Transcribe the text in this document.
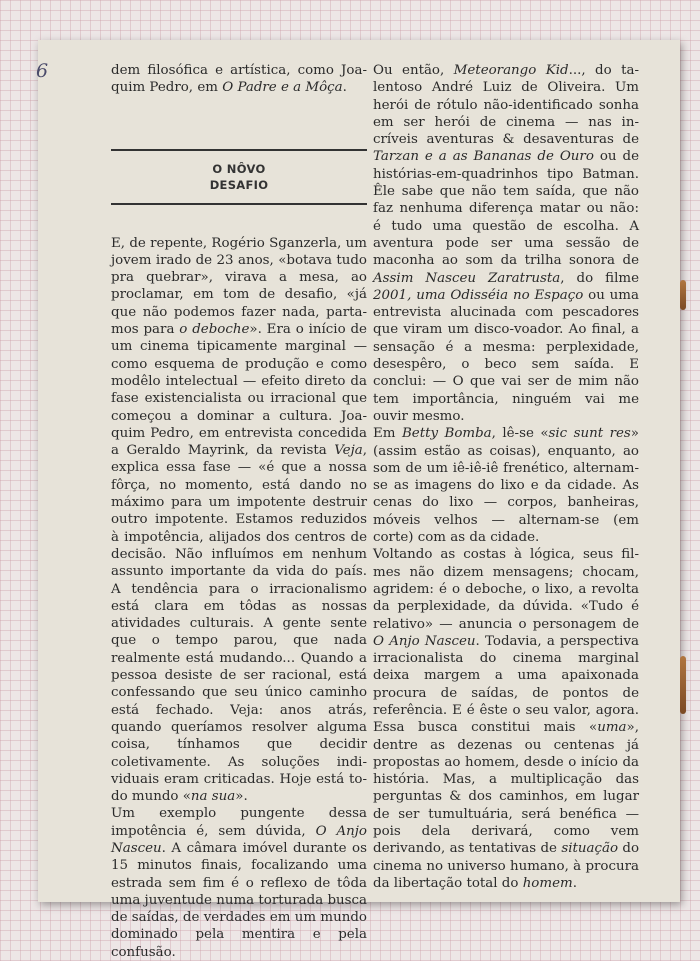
6	dem filosófica e artística, como Joaquim Pedro, em O Padre e a Môça.

O NÔVO
DESAFIO

E, de repente, Rogério Sganzerla, um jovem irado de 23 anos, «botava tudo pra quebrar», virava a mesa, ao proclamar, em tom de desafio, «já que não podemos fazer nada, partamos para o deboche». Era o início de um cinema tipicamente marginal — como esquema de produção e como modêlo intelectual — efeito direto da fase existencialista ou irracional que começou a dominar a cultura. Joaquim Pedro, em entrevista concedida a Geraldo Mayrink, da revista Veja, explica essa fase — «é que a nossa fôrça, no momento, está dando no máximo para um impotente destruir outro impotente. Estamos reduzidos à impotência, alijados dos centros de decisão. Não influímos em nenhum assunto importante da vida do país. A tendência para o irracionalismo está clara em tôdas as nossas atividades culturais. A gente sente que o tempo parou, que nada realmente está mudando... Quando a pessoa desiste de ser racional, está confessando que seu único caminho está fechado. Veja: anos atrás, quando queríamos resolver alguma coisa, tínhamos que decidir coletivamente. As soluções individuais eram criticadas. Hoje está todo mundo «na sua».

Um exemplo pungente dessa impotência é, sem dúvida, O Anjo Nasceu. A câmara imóvel durante os 15 minutos finais, focalizando uma estrada sem fim é o reflexo de tôda uma juventude numa torturada busca de saídas, de verdades em um mundo dominado pela mentira e pela confusão.

Ou então, Meteorango Kid..., do talentoso André Luiz de Oliveira. Um herói de rótulo não-identificado sonha em ser herói de cinema — nas incríveis aventuras & desaventuras de Tarzan e a as Bananas de Ouro ou de histórias-em-quadrinhos tipo Batman. Êle sabe que não tem saída, que não faz nenhuma diferença matar ou não: é tudo uma questão de escolha. A aventura pode ser uma sessão de maconha ao som da trilha sonora de Assim Nasceu Zaratrusta, do filme 2001, uma Odisséia no Espaço ou uma entrevista alucinada com pescadores que viram um disco-voador. Ao final, a sensação é a mesma: perplexidade, desespêro, o beco sem saída. E conclui: — O que vai ser de mim não tem importância, ninguém vai me ouvir mesmo.

Em Betty Bomba, lê-se «sic sunt res» (assim estão as coisas), enquanto, ao som de um iê-iê-iê frenético, alternam-se as imagens do lixo e da cidade. As cenas do lixo — corpos, banheiras, móveis velhos — alternam-se (em corte) com as da cidade.

Voltando as costas à lógica, seus filmes não dizem mensagens; chocam, agridem: é o deboche, o lixo, a revolta da perplexidade, da dúvida. «Tudo é relativo» — anuncia o personagem de O Anjo Nasceu. Todavia, a perspectiva irracionalista do cinema marginal deixa margem a uma apaixonada procura de saídas, de pontos de referência. E é êste o seu valor, agora. Essa busca constitui mais «uma», dentre as dezenas ou centenas já propostas ao homem, desde o início da história. Mas, a multiplicação das perguntas & dos caminhos, em lugar de ser tumultuária, será benéfica — pois dela derivará, como vem derivando, as tentativas de situação do cinema no universo humano, à procura da libertação total do homem.
